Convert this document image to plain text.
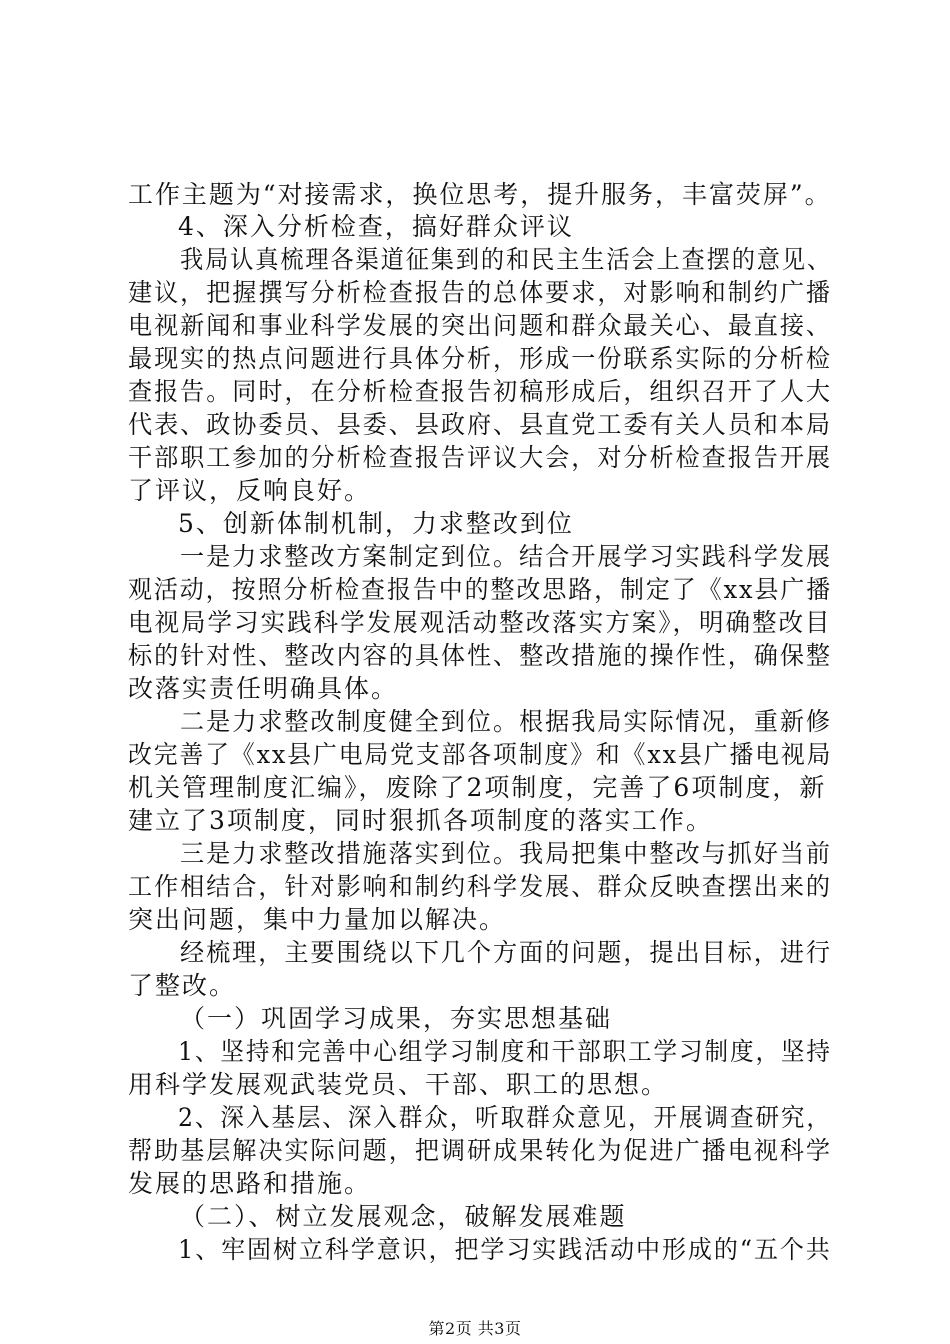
工作主题为“对接需求，换位思考，提升服务，丰富荧屏”。
4、深入分析检查，搞好群众评议
我局认真梳理各渠道征集到的和民主生活会上查摆的意见、
建议，把握撰写分析检查报告的总体要求，对影响和制约广播
电视新闻和事业科学发展的突出问题和群众最关心、最直接、
最现实的热点问题进行具体分析，形成一份联系实际的分析检
查报告。同时，在分析检查报告初稿形成后，组织召开了人大
代表、政协委员、县委、县政府、县直党工委有关人员和本局
干部职工参加的分析检查报告评议大会，对分析检查报告开展
了评议，反响良好。
5、创新体制机制，力求整改到位
一是力求整改方案制定到位。结合开展学习实践科学发展
观活动，按照分析检查报告中的整改思路，制定了《xx县广播
电视局学习实践科学发展观活动整改落实方案》，明确整改目
标的针对性、整改内容的具体性、整改措施的操作性，确保整
改落实责任明确具体。
二是力求整改制度健全到位。根据我局实际情况，重新修
改完善了《xx县广电局党支部各项制度》和《xx县广播电视局
机关管理制度汇编》，废除了2项制度，完善了6项制度，新
建立了3项制度，同时狠抓各项制度的落实工作。
三是力求整改措施落实到位。我局把集中整改与抓好当前
工作相结合，针对影响和制约科学发展、群众反映查摆出来的
突出问题，集中力量加以解决。
经梳理，主要围绕以下几个方面的问题，提出目标，进行
了整改。
（一）巩固学习成果，夯实思想基础
1、坚持和完善中心组学习制度和干部职工学习制度，坚持
用科学发展观武装党员、干部、职工的思想。
2、深入基层、深入群众，听取群众意见，开展调查研究，
帮助基层解决实际问题，把调研成果转化为促进广播电视科学
发展的思路和措施。
（二）、树立发展观念，破解发展难题
1、牢固树立科学意识，把学习实践活动中形成的“五个共
第2页 共3页
